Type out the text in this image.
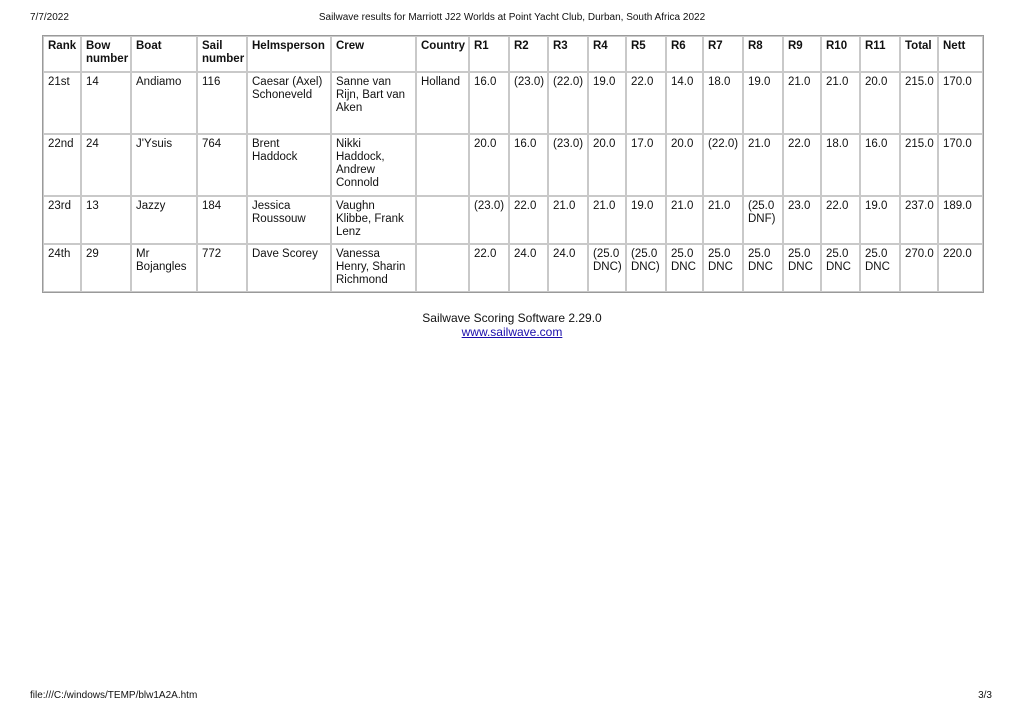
7/7/2022	Sailwave results for Marriott J22 Worlds at Point Yacht Club, Durban, South Africa 2022
Rank	Bow number	Boat	Sail number	Helmsperson	Crew	Country	R1	R2	R3	R4	R5	R6	R7	R8	R9	R10	R11	Total	Nett
21st	14	Andiamo	116	Caesar (Axel) Schoneveld	Sanne van Rijn, Bart van Aken	Holland	16.0	(23.0)	(22.0)	19.0	22.0	14.0	18.0	19.0	21.0	21.0	20.0	215.0	170.0
22nd	24	J'Ysuis	764	Brent Haddock	Nikki Haddock, Andrew Connold		20.0	16.0	(23.0)	20.0	17.0	20.0	(22.0)	21.0	22.0	18.0	16.0	215.0	170.0
23rd	13	Jazzy	184	Jessica Roussouw	Vaughn Klibbe, Frank Lenz		(23.0)	22.0	21.0	21.0	19.0	21.0	21.0	(25.0 DNF)	23.0	22.0	19.0	237.0	189.0
24th	29	Mr Bojangles	772	Dave Scorey	Vanessa Henry, Sharin Richmond		22.0	24.0	24.0	(25.0 DNC)	(25.0 DNC)	25.0 DNC	25.0 DNC	25.0 DNC	25.0 DNC	25.0 DNC	25.0 DNC	270.0	220.0
Sailwave Scoring Software 2.29.0
www.sailwave.com
file:///C:/windows/TEMP/blw1A2A.htm	3/3
